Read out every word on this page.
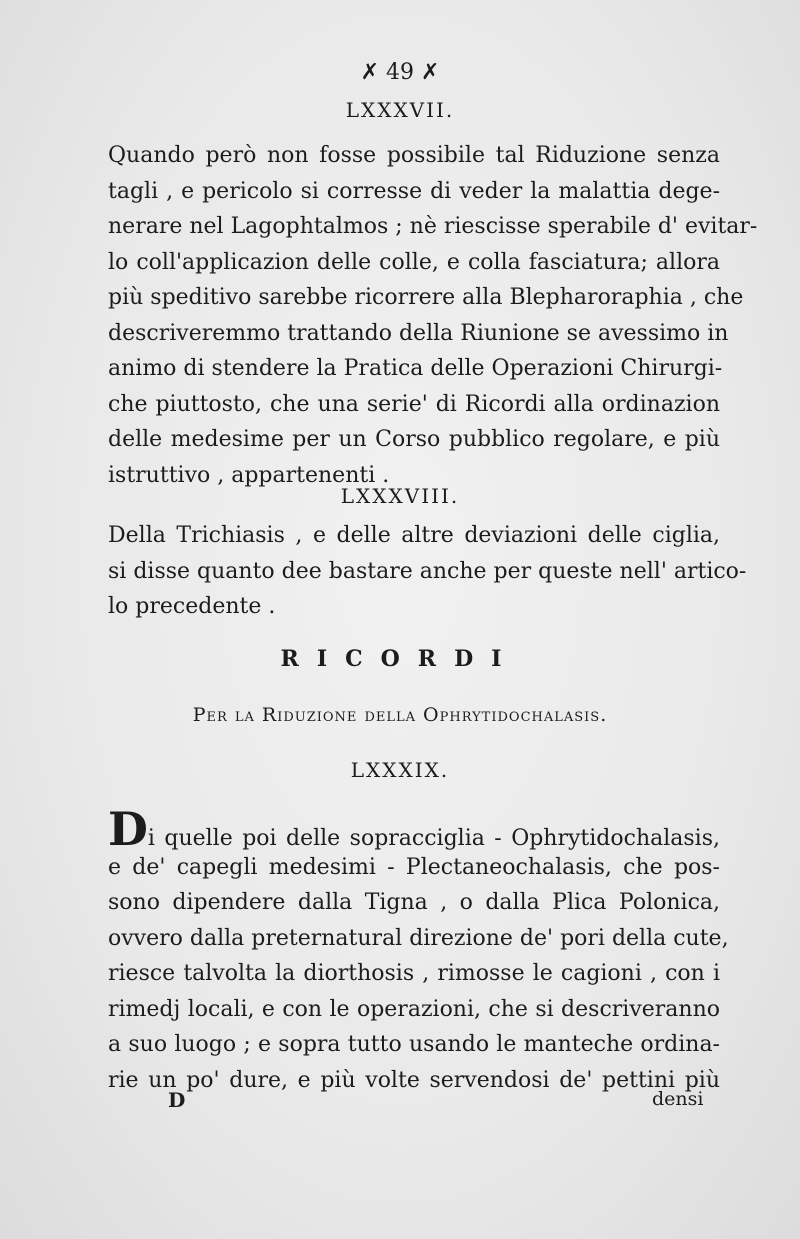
✗ 49 ✗
LXXXVII.
Quando però non fosse possibile tal Riduzione senza
tagli , e pericolo si corresse di veder la malattia dege-
nerare nel Lagophtalmos ; nè riescisse sperabile d' evitar-
lo coll'applicazion delle colle, e colla fasciatura; allora
più speditivo sarebbe ricorrere alla Blepharoraphia , che
descriveremmo trattando della Riunione se avessimo in
animo di stendere la Pratica delle Operazioni Chirurgi-
che piuttosto, che una serie' di Ricordi alla ordinazion
delle medesime per un Corso pubblico regolare, e più
istruttivo , appartenenti .
LXXXVIII.
Della Trichiasis , e delle altre deviazioni delle ciglia,
si disse quanto dee bastare anche per queste nell' artico-
lo precedente .
RICORDI
Per la Riduzione della Ophrytidochalasis.
LXXXIX.
Di quelle poi delle sopracciglia - Ophrytidochalasis,
e de' capegli medesimi - Plectaneochalasis, che pos-
sono dipendere dalla Tigna , o dalla Plica Polonica,
ovvero dalla preternatural direzione de' pori della cute,
riesce talvolta la diorthosis , rimosse le cagioni , con i
rimedj locali, e con le operazioni, che si descriveranno
a suo luogo ; e sopra tutto usando le manteche ordina-
rie un po' dure, e più volte servendosi de' pettini più
D	densi
